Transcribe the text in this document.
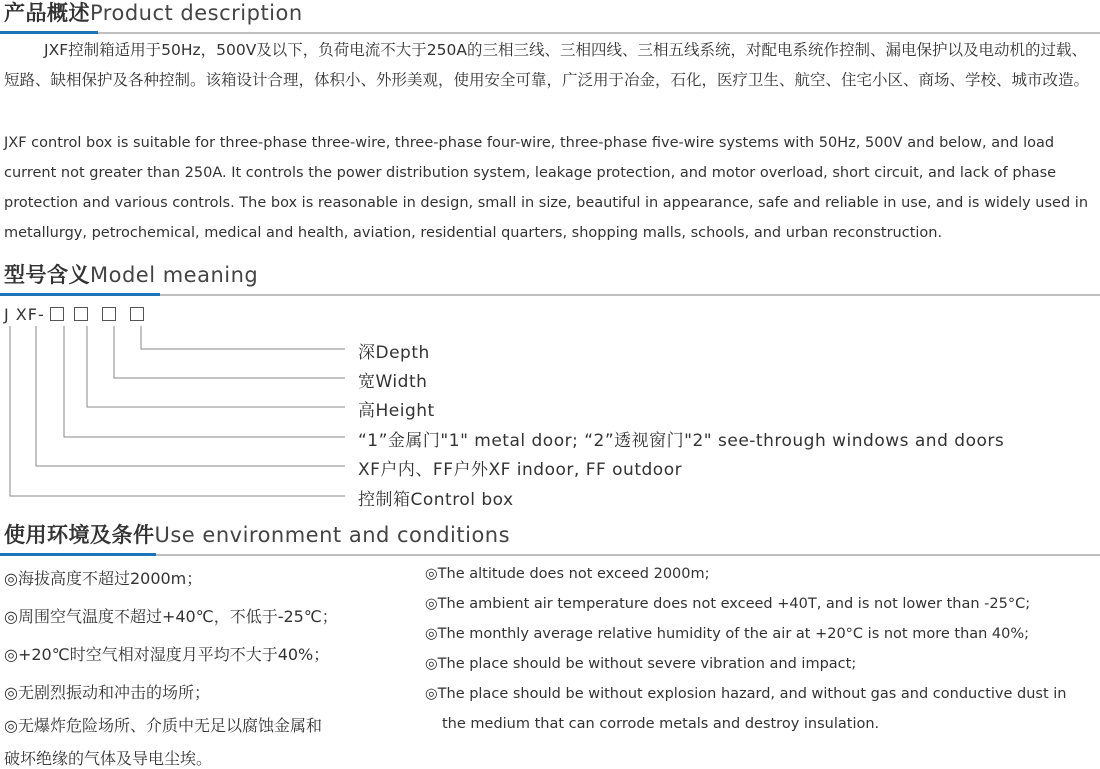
产品概述Product description
JXF控制箱适用于50Hz，500V及以下，负荷电流不大于250A的三相三线、三相四线、三相五线系统，对配电系统作控制、漏电保护以及电动机的过载、短路、缺相保护及各种控制。该箱设计合理，体积小、外形美观，使用安全可靠，广泛用于冶金，石化，医疗卫生、航空、住宅小区、商场、学校、城市改造。
JXF control box is suitable for three-phase three-wire, three-phase four-wire, three-phase five-wire systems with 50Hz, 500V and below, and load current not greater than 250A. It controls the power distribution system, leakage protection, and motor overload, short circuit, and lack of phase protection and various controls. The box is reasonable in design, small in size, beautiful in appearance, safe and reliable in use, and is widely used in metallurgy, petrochemical, medical and health, aviation, residential quarters, shopping malls, schools, and urban reconstruction.
型号含义Model meaning
J XF-
深Depth
宽Width
高Height
“1”金属门"1" metal door; “2”透视窗门"2" see-through windows and doors
XF户内、FF户外XF indoor, FF outdoor
控制箱Control box
使用环境及条件Use environment and conditions
◎海拔高度不超过2000m；
◎周围空气温度不超过+40℃，不低于-25℃；
◎+20℃时空气相对湿度月平均不大于40%；
◎无剧烈振动和冲击的场所；
◎无爆炸危险场所、介质中无足以腐蚀金属和
破坏绝缘的气体及导电尘埃。
◎The altitude does not exceed 2000m;
◎The ambient air temperature does not exceed +40T, and is not lower than -25°C;
◎The monthly average relative humidity of the air at +20°C is not more than 40%;
◎The place should be without severe vibration and impact;
◎The place should be without explosion hazard, and without gas and conductive dust in
the medium that can corrode metals and destroy insulation.
